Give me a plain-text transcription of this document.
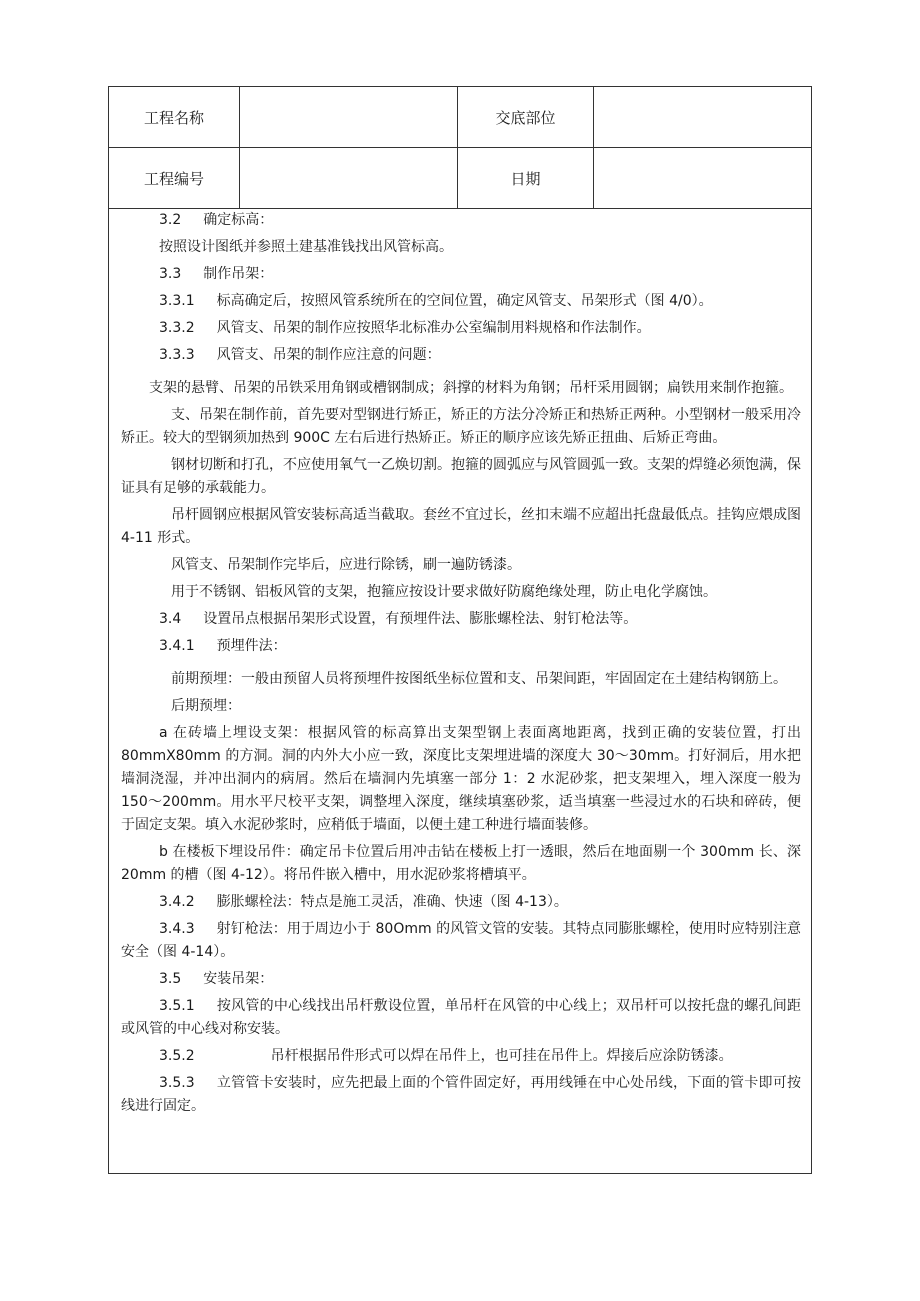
工程名称		交底部位	
工程编号		日期	

3.2 确定标高：

按照设计图纸并参照土建基准钱找出风管标高。

3.3 制作吊架：

3.3.1 标高确定后，按照风管系统所在的空间位置，确定风管支、吊架形式（图 4/0）。

3.3.2 风管支、吊架的制作应按照华北标准办公室编制用料规格和作法制作。

3.3.3 风管支、吊架的制作应注意的问题：

支架的悬臂、吊架的吊铁采用角钢或槽钢制成；斜撑的材料为角钢；吊杆采用圆钢；扁铁用来制作抱箍。

支、吊架在制作前，首先要对型钢进行矫正，矫正的方法分冷矫正和热矫正两种。小型钢材一般采用冷矫正。较大的型钢须加热到 900C 左右后进行热矫正。矫正的顺序应该先矫正扭曲、后矫正弯曲。

钢材切断和打孔，不应使用氧气一乙焕切割。抱箍的圆弧应与风管圆弧一致。支架的焊缝必须饱满，保证具有足够的承载能力。

吊杆圆钢应根据风管安装标高适当截取。套丝不宜过长，丝扣末端不应超出托盘最低点。挂钩应煨成图 4-11 形式。

风管支、吊架制作完毕后，应进行除锈，刷一遍防锈漆。

用于不锈钢、铝板风管的支架，抱箍应按设计要求做好防腐绝缘处理，防止电化学腐蚀。

3.4 设置吊点根据吊架形式设置，有预埋件法、膨胀螺栓法、射钉枪法等。

3.4.1 预埋件法：

前期预埋：一般由预留人员将预埋件按图纸坐标位置和支、吊架间距，牢固固定在土建结构钢筋上。

后期预埋：

a 在砖墙上埋设支架：根据风管的标高算出支架型钢上表面离地距离，找到正确的安装位置，打出 80mmX80mm 的方洞。洞的内外大小应一致，深度比支架埋进墙的深度大 30～30mm。打好洞后，用水把墙洞浇湿，并冲出洞内的病屑。然后在墙洞内先填塞一部分 1：2 水泥砂浆，把支架埋入，埋入深度一般为 150～200mm。用水平尺校平支架，调整埋入深度，继续填塞砂浆，适当填塞一些浸过水的石块和碎砖，便于固定支架。填入水泥砂浆时，应稍低于墙面，以便土建工种进行墙面装修。

b 在楼板下埋设吊件：确定吊卡位置后用冲击钻在楼板上打一透眼，然后在地面剔一个 300mm 长、深 20mm 的槽（图 4-12）。将吊件嵌入槽中，用水泥砂浆将槽填平。

3.4.2 膨胀螺栓法：特点是施工灵活，准确、快速（图 4-13）。

3.4.3 射钉枪法：用于周边小于 80Omm 的风管文管的安装。其特点同膨胀螺栓，使用时应特别注意安全（图 4-14）。

3.5 安装吊架：

3.5.1 按风管的中心线找出吊杆敷设位置，单吊杆在风管的中心线上；双吊杆可以按托盘的螺孔间距或风管的中心线对称安装。

3.5.2	吊杆根据吊件形式可以焊在吊件上，也可挂在吊件上。焊接后应涂防锈漆。

3.5.3 立管管卡安装时，应先把最上面的个管件固定好，再用线锤在中心处吊线，下面的管卡即可按线进行固定。
